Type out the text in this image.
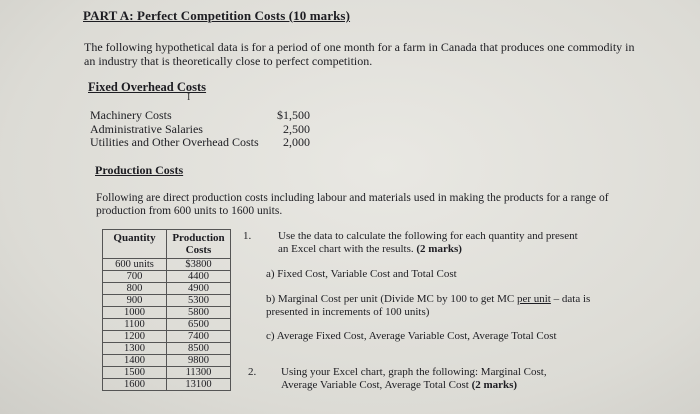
PART A: Perfect Competition Costs (10 marks)
The following hypothetical data is for a period of one month for a farm in Canada that produces one commodity in an industry that is theoretically close to perfect competition.
Fixed Overhead Costs
I
Machinery Costs	$1,500
Administrative Salaries	2,500
Utilities and Other Overhead Costs	2,000
Production Costs
Following are direct production costs including labour and materials used in making the products for a range of production from 600 units to 1600 units.
Quantity	Production Costs
600 units	$3800
700	4400
800	4900
900	5300
1000	5800
1100	6500
1200	7400
1300	8500
1400	9800
1500	11300
1600	13100
1. Use the data to calculate the following for each quantity and present an Excel chart with the results. (2 marks)
a) Fixed Cost, Variable Cost and Total Cost
b) Marginal Cost per unit (Divide MC by 100 to get MC per unit – data is presented in increments of 100 units)
c) Average Fixed Cost, Average Variable Cost, Average Total Cost
2. Using your Excel chart, graph the following: Marginal Cost, Average Variable Cost, Average Total Cost (2 marks)
